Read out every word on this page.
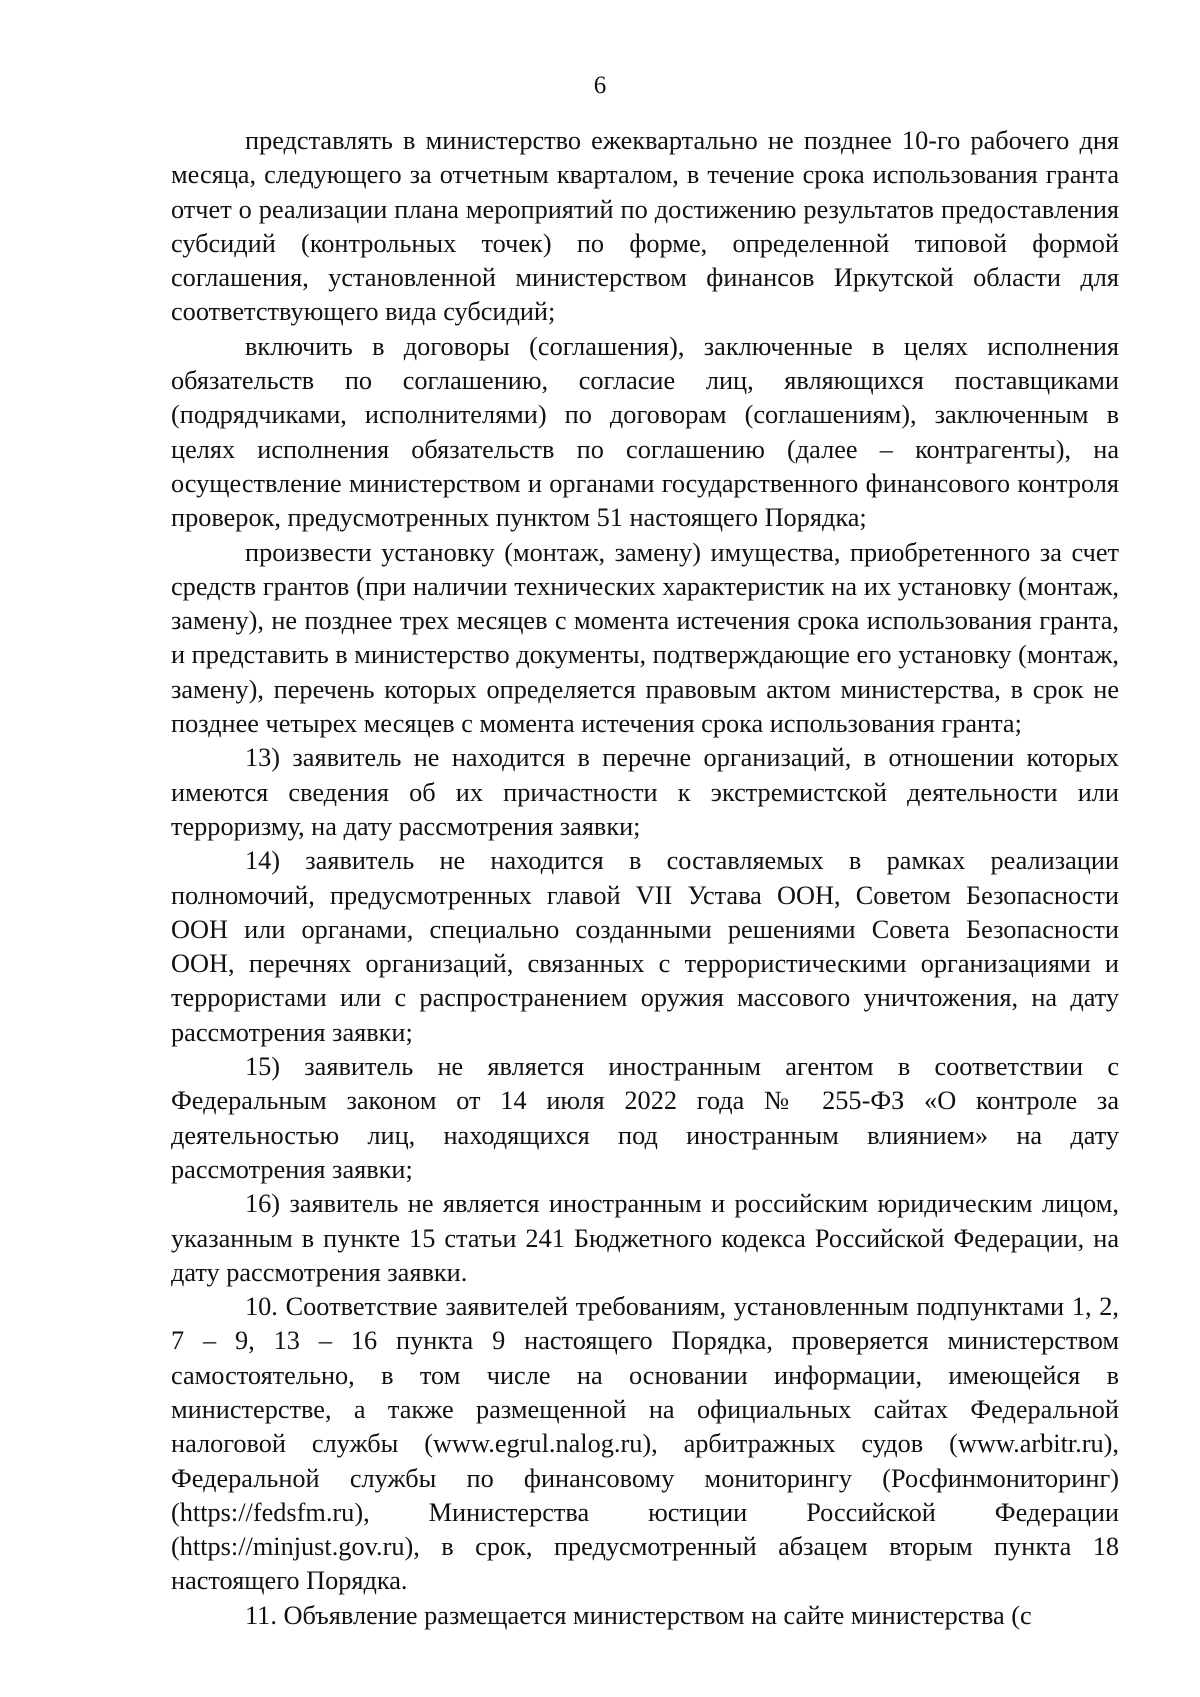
6

представлять в министерство ежеквартально не позднее 10-го рабочего дня месяца, следующего за отчетным кварталом, в течение срока использования гранта отчет о реализации плана мероприятий по достижению результатов предоставления субсидий (контрольных точек) по форме, определенной типовой формой соглашения, установленной министерством финансов Иркутской области для соответствующего вида субсидий;

включить в договоры (соглашения), заключенные в целях исполнения обязательств по соглашению, согласие лиц, являющихся поставщиками (подрядчиками, исполнителями) по договорам (соглашениям), заключенным в целях исполнения обязательств по соглашению (далее – контрагенты), на осуществление министерством и органами государственного финансового контроля проверок, предусмотренных пунктом 51 настоящего Порядка;

произвести установку (монтаж, замену) имущества, приобретенного за счет средств грантов (при наличии технических характеристик на их установку (монтаж, замену), не позднее трех месяцев с момента истечения срока использования гранта, и представить в министерство документы, подтверждающие его установку (монтаж, замену), перечень которых определяется правовым актом министерства, в срок не позднее четырех месяцев с момента истечения срока использования гранта;

13) заявитель не находится в перечне организаций, в отношении которых имеются сведения об их причастности к экстремистской деятельности или терроризму, на дату рассмотрения заявки;

14) заявитель не находится в составляемых в рамках реализации полномочий, предусмотренных главой VII Устава ООН, Советом Безопасности ООН или органами, специально созданными решениями Совета Безопасности ООН, перечнях организаций, связанных с террористическими организациями и террористами или с распространением оружия массового уничтожения, на дату рассмотрения заявки;

15) заявитель не является иностранным агентом в соответствии с Федеральным законом от 14 июля 2022 года № 255-ФЗ «О контроле за деятельностью лиц, находящихся под иностранным влиянием» на дату рассмотрения заявки;

16) заявитель не является иностранным и российским юридическим лицом, указанным в пункте 15 статьи 241 Бюджетного кодекса Российской Федерации, на дату рассмотрения заявки.

10. Соответствие заявителей требованиям, установленным подпунктами 1, 2, 7 – 9, 13 – 16 пункта 9 настоящего Порядка, проверяется министерством самостоятельно, в том числе на основании информации, имеющейся в министерстве, а также размещенной на официальных сайтах Федеральной налоговой службы (www.egrul.nalog.ru), арбитражных судов (www.arbitr.ru), Федеральной службы по финансовому мониторингу (Росфинмониторинг) (https://fedsfm.ru), Министерства юстиции Российской Федерации (https://minjust.gov.ru), в срок, предусмотренный абзацем вторым пункта 18 настоящего Порядка.

11. Объявление размещается министерством на сайте министерства (с
